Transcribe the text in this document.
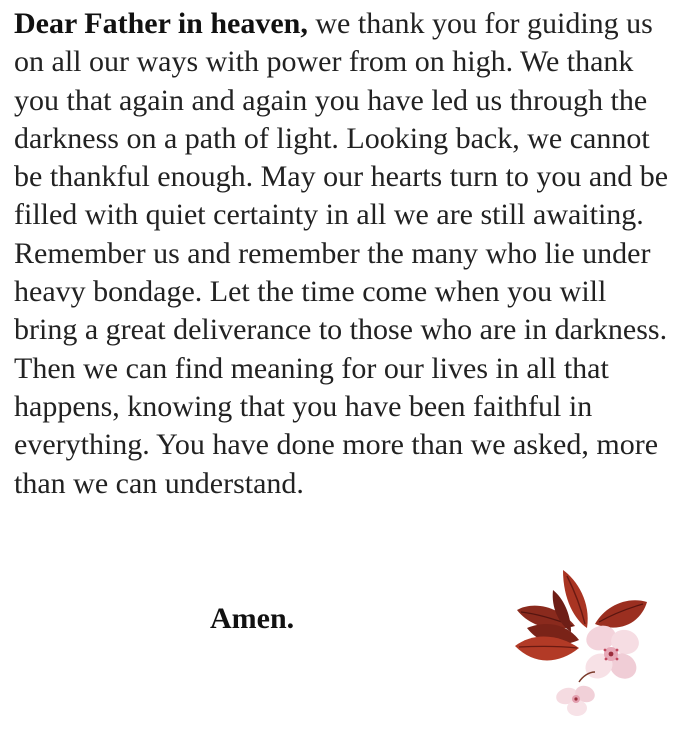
Dear Father in heaven, we thank you for guiding us on all our ways with power from on high. We thank you that again and again you have led us through the darkness on a path of light. Looking back, we cannot be thankful enough. May our hearts turn to you and be filled with quiet certainty in all we are still awaiting. Remember us and remember the many who lie under heavy bondage. Let the time come when you will bring a great deliverance to those who are in darkness. Then we can find meaning for our lives in all that happens, knowing that you have been faithful in everything. You have done more than we asked, more than we can understand.

Amen.
